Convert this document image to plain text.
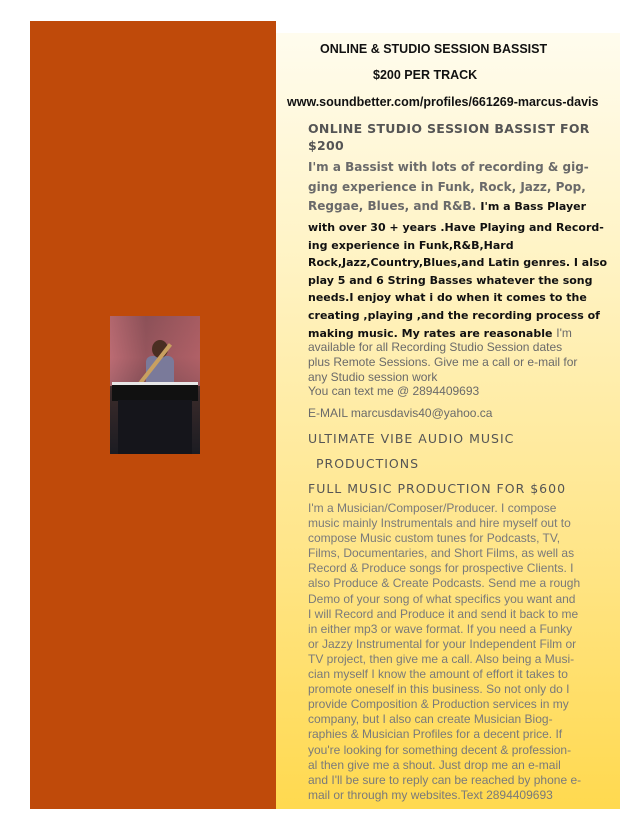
ONLINE & STUDIO SESSION BASSIST
$200 PER TRACK
www.soundbetter.com/profiles/661269-marcus-davis
ONLINE STUDIO SESSION BASSIST FOR
$200
I'm a Bassist with lots of recording & gig-
ging experience in Funk, Rock, Jazz, Pop,
Reggae, Blues, and R&B. I'm a Bass Player
with over 30 + years .Have Playing and Record-
ing experience in Funk,R&B,Hard
Rock,Jazz,Country,Blues,and Latin genres. I also
play 5 and 6 String Basses whatever the song
needs.I enjoy what i do when it comes to the
creating ,playing ,and the recording process of
making music. My rates are reasonable I'm
available for all Recording Studio Session dates
plus Remote Sessions. Give me a call or e-mail for
any Studio session work
You can text me @ 2894409693
E-MAIL marcusdavis40@yahoo.ca
ULTIMATE VIBE AUDIO MUSIC
PRODUCTIONS
FULL MUSIC PRODUCTION FOR $600
I'm a Musician/Composer/Producer. I compose
music mainly Instrumentals and hire myself out to
compose Music custom tunes for Podcasts, TV,
Films, Documentaries, and Short Films, as well as
Record & Produce songs for prospective Clients. I
also Produce & Create Podcasts. Send me a rough
Demo of your song of what specifics you want and
I will Record and Produce it and send it back to me
in either mp3 or wave format. If you need a Funky
or Jazzy Instrumental for your Independent Film or
TV project, then give me a call. Also being a Musi-
cian myself I know the amount of effort it takes to
promote oneself in this business. So not only do I
provide Composition & Production services in my
company, but I also can create Musician Biog-
raphies & Musician Profiles for a decent price. If
you're looking for something decent & profession-
al then give me a shout. Just drop me an e-mail
and I'll be sure to reply can be reached by phone e-
mail or through my websites.Text 2894409693
